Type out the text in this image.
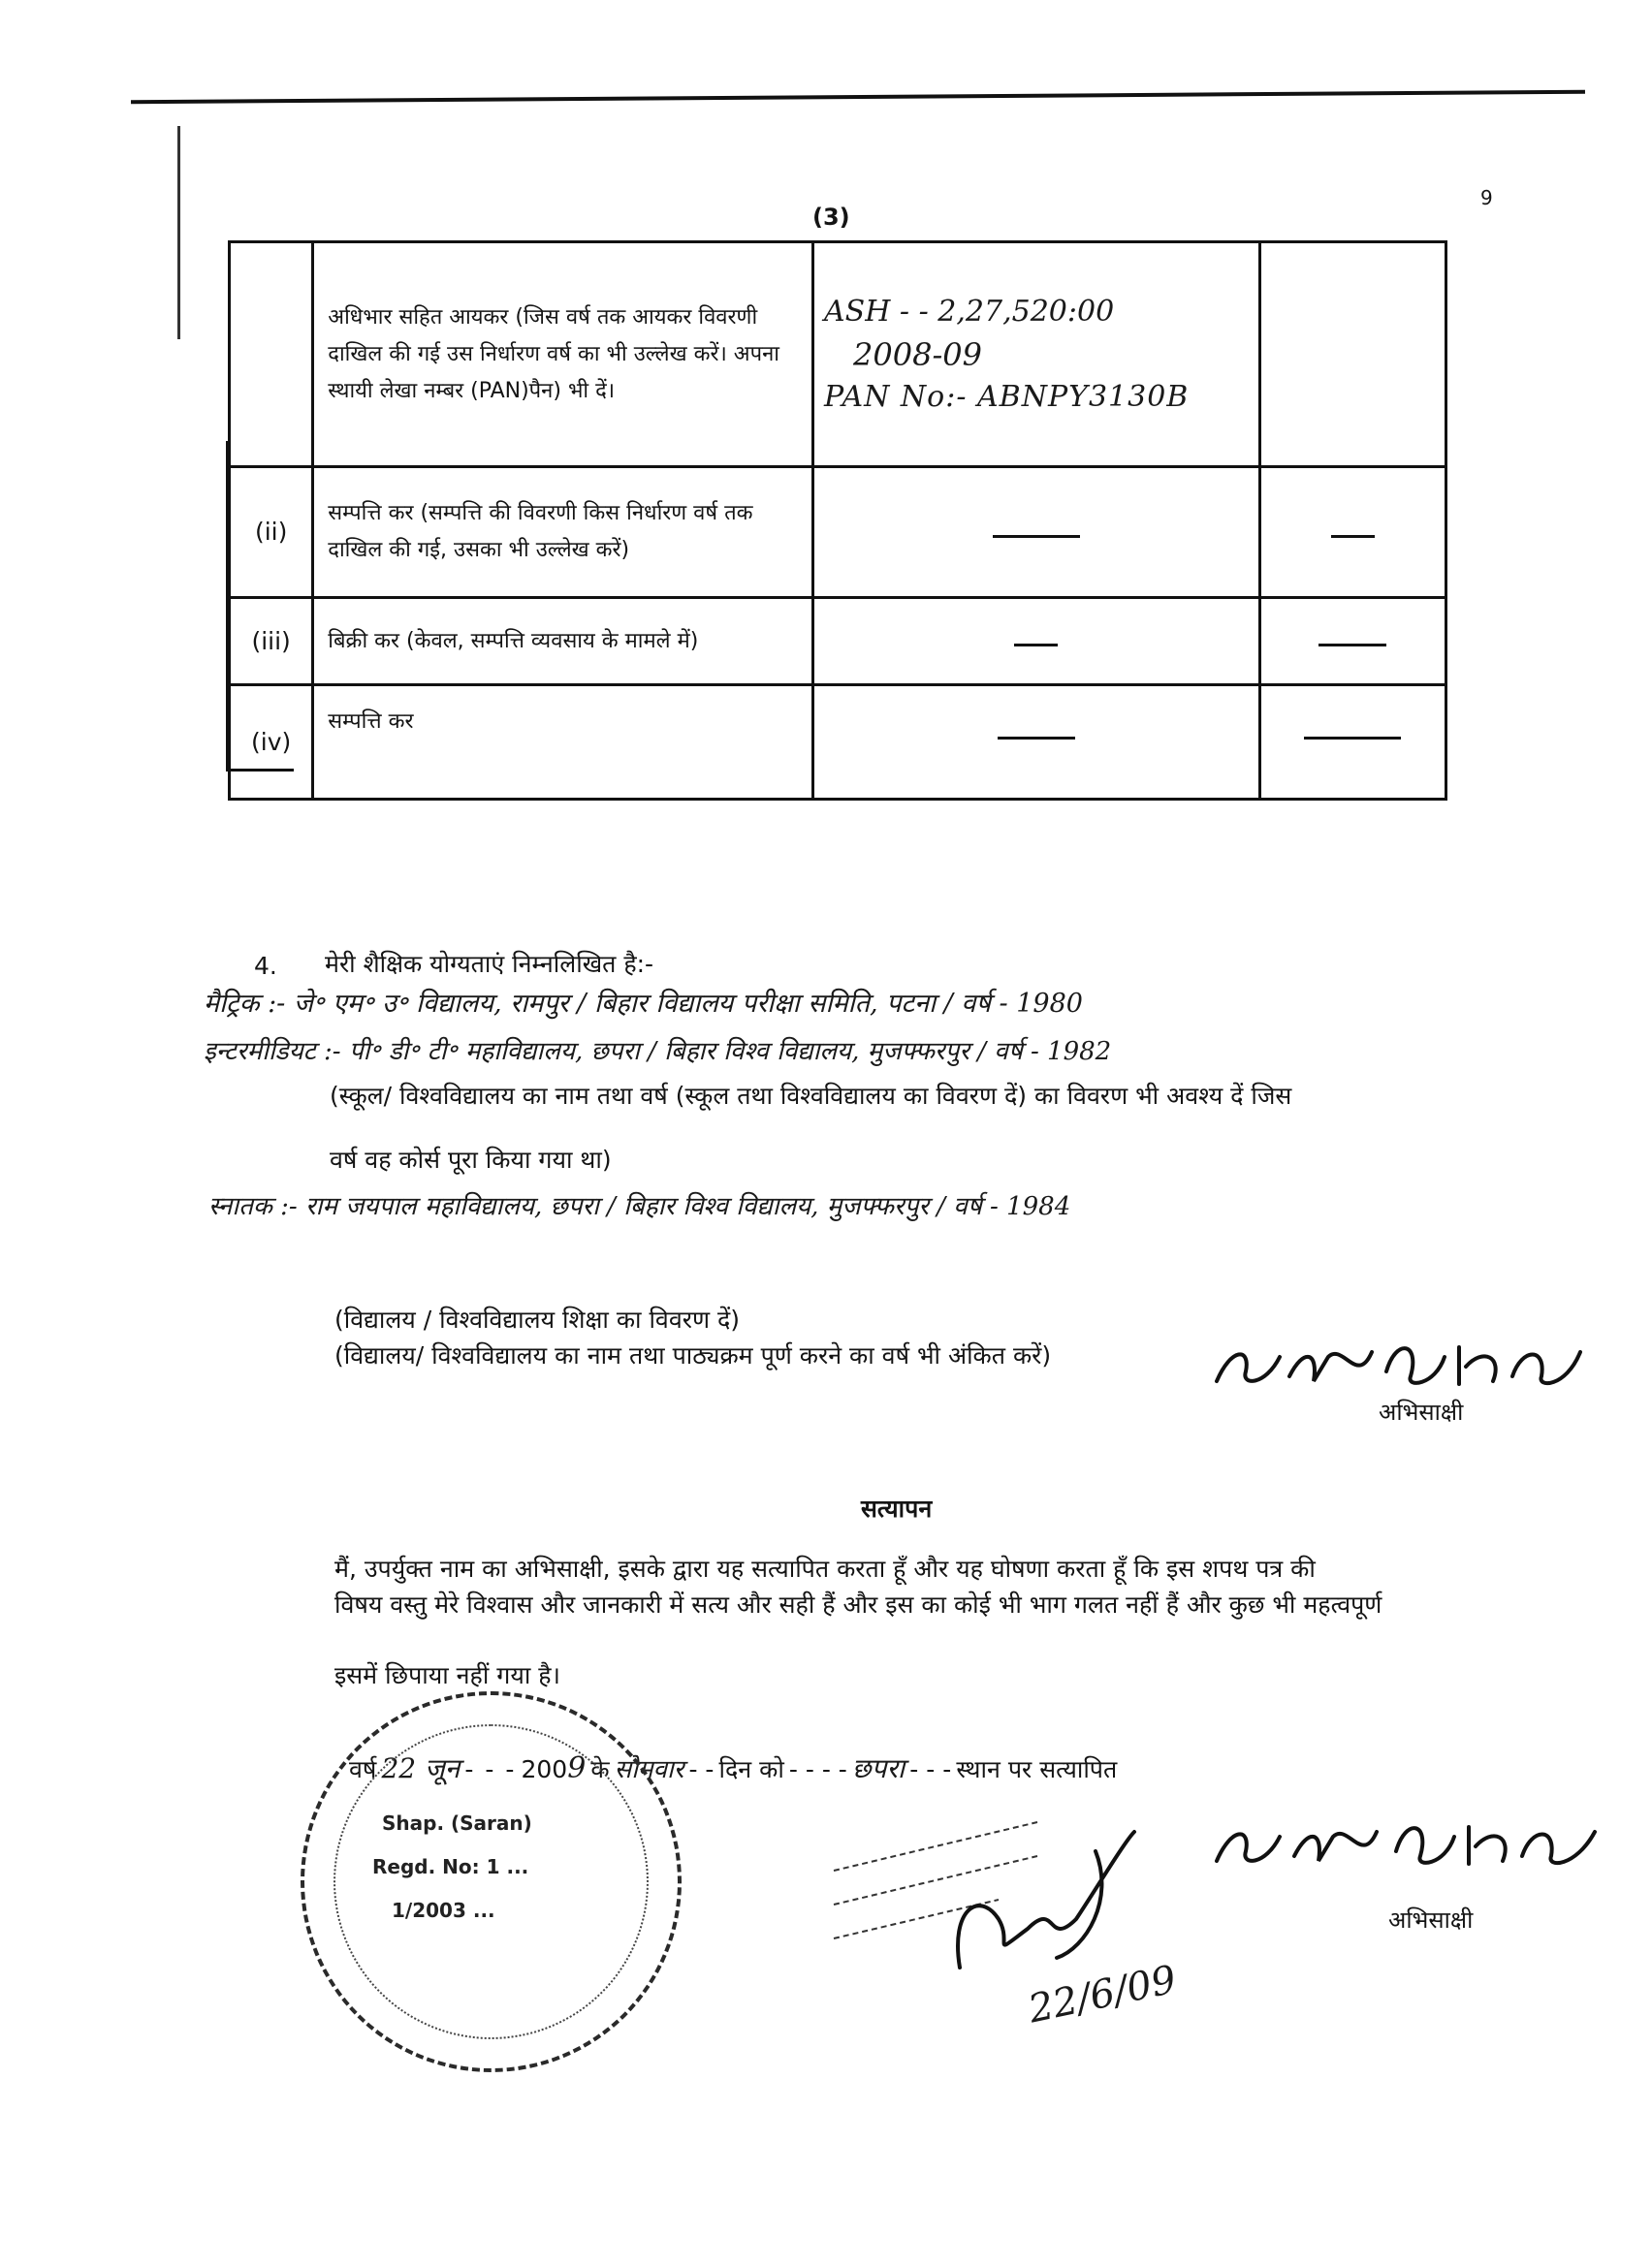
9
(3)

	अधिभार सहित आयकर (जिस वर्ष तक आयकर विवरणी दाखिल की गई उस निर्धारण वर्ष का भी उल्लेख करें। अपना स्थायी लेखा नम्बर (PAN)पैन) भी दें।	ASH - - 2,27,520:00
2008-09
PAN No:- ABNPY3130B	

(ii)	सम्पत्ति कर (सम्पत्ति की विवरणी किस निर्धारण वर्ष तक दाखिल की गई, उसका भी उल्लेख करें)		

(iii)	बिक्री कर (केवल, सम्पत्ति व्यवसाय के मामले में)		

(iv)	सम्पत्ति कर		

4. मेरी शैक्षिक योग्यताएं निम्नलिखित है:-
मैट्रिक :- जे॰ एम॰ उ॰ विद्यालय, रामपुर / बिहार विद्यालय परीक्षा समिति, पटना / वर्ष - 1980
इन्टरमीडियट :- पी॰ डी॰ टी॰ महाविद्यालय, छपरा / बिहार विश्व विद्यालय, मुजफ्फरपुर / वर्ष - 1982
(स्कूल/ विश्वविद्यालय का नाम तथा वर्ष (स्कूल तथा विश्वविद्यालय का विवरण दें) का विवरण भी अवश्य दें जिस
वर्ष वह कोर्स पूरा किया गया था)
स्नातक :- राम जयपाल महाविद्यालय, छपरा / बिहार विश्व विद्यालय, मुजफ्फरपुर / वर्ष - 1984
(विद्यालय / विश्वविद्यालय शिक्षा का विवरण दें)
(विद्यालय/ विश्वविद्यालय का नाम तथा पाठ्यक्रम पूर्ण करने का वर्ष भी अंकित करें)
अभिसाक्षी
सत्यापन
मैं, उपर्युक्त नाम का अभिसाक्षी, इसके द्वारा यह सत्यापित करता हूँ और यह घोषणा करता हूँ कि इस शपथ पत्र की
विषय वस्तु मेरे विश्वास और जानकारी में सत्य और सही हैं और इस का कोई भी भाग गलत नहीं हैं और कुछ भी महत्वपूर्ण
इसमें छिपाया नहीं गया है।
वर्ष 22 जून - - - 2009 के सोमवार - - दिन को - - - - छपरा - - - स्थान पर सत्यापित
Shap. (Saran)
Regd. No: 1 ...
1/2003 ...
22/6/09
अभिसाक्षी
